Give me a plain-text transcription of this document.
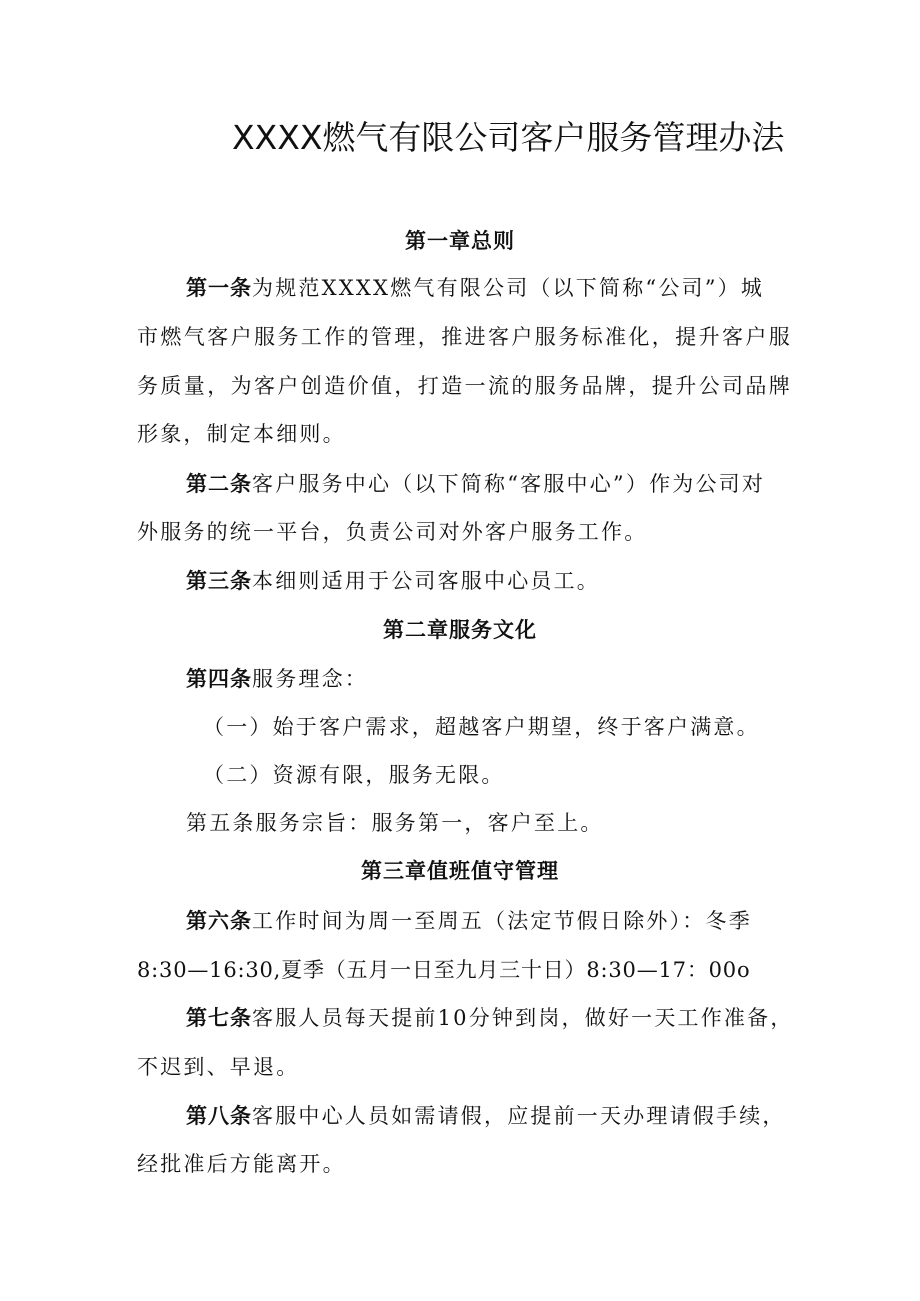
XXXX燃气有限公司客户服务管理办法
第一章总则
第一条为规范XXXX燃气有限公司（以下简称“公司”）城
市燃气客户服务工作的管理，推进客户服务标准化，提升客户服
务质量，为客户创造价值，打造一流的服务品牌，提升公司品牌
形象，制定本细则。
第二条客户服务中心（以下简称“客服中心”）作为公司对
外服务的统一平台，负责公司对外客户服务工作。
第三条本细则适用于公司客服中心员工。
第二章服务文化
第四条服务理念：
（一）始于客户需求，超越客户期望，终于客户满意。
（二）资源有限，服务无限。
第五条服务宗旨：服务第一，客户至上。
第三章值班值守管理
第六条工作时间为周一至周五（法定节假日除外）：冬季
8:30—16:30,夏季（五月一日至九月三十日）8:30—17：00o
第七条客服人员每天提前10分钟到岗，做好一天工作准备，
不迟到、早退。
第八条客服中心人员如需请假，应提前一天办理请假手续，
经批准后方能离开。
